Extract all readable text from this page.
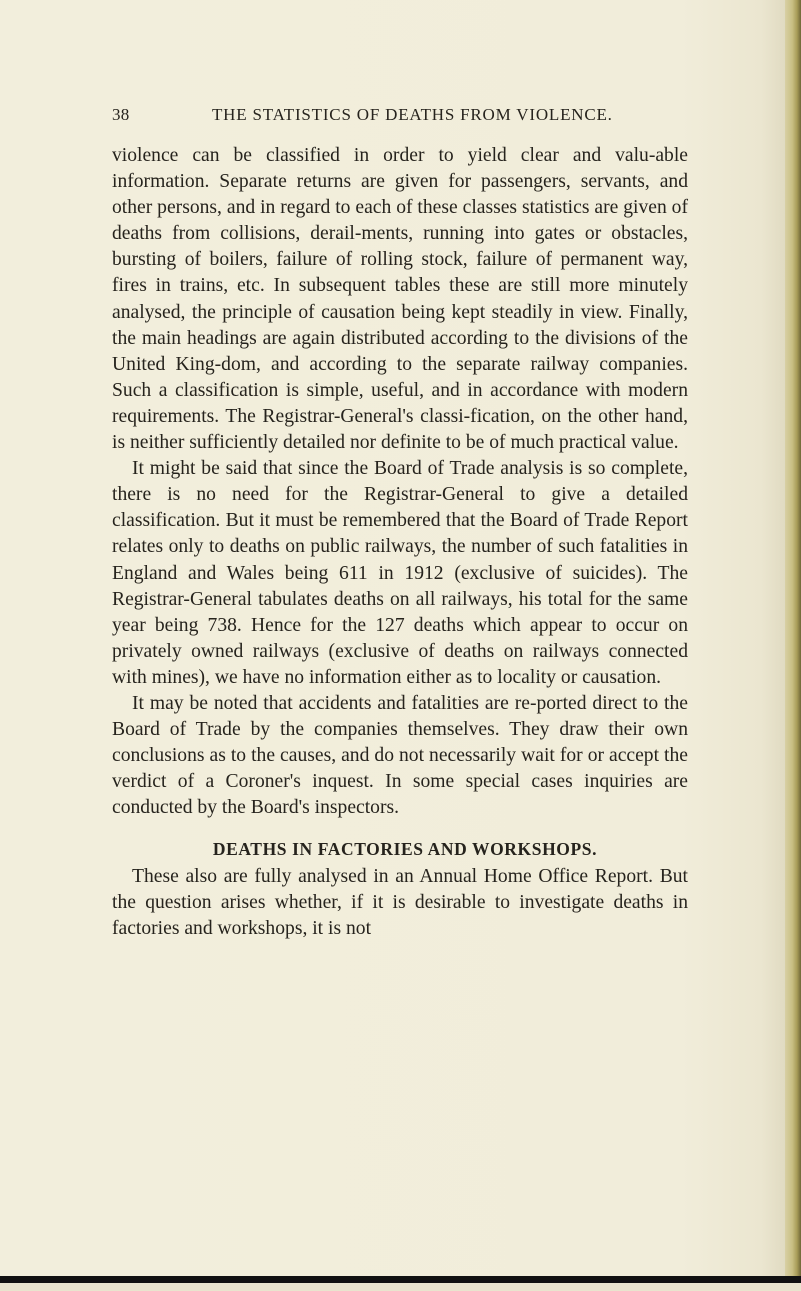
38	THE STATISTICS OF DEATHS FROM VIOLENCE.

violence can be classified in order to yield clear and valu-able information. Separate returns are given for passengers, servants, and other persons, and in regard to each of these classes statistics are given of deaths from collisions, derail-ments, running into gates or obstacles, bursting of boilers, failure of rolling stock, failure of permanent way, fires in trains, etc. In subsequent tables these are still more minutely analysed, the principle of causation being kept steadily in view. Finally, the main headings are again distributed according to the divisions of the United King-dom, and according to the separate railway companies. Such a classification is simple, useful, and in accordance with modern requirements. The Registrar-General's classi-fication, on the other hand, is neither sufficiently detailed nor definite to be of much practical value.

It might be said that since the Board of Trade analysis is so complete, there is no need for the Registrar-General to give a detailed classification. But it must be remembered that the Board of Trade Report relates only to deaths on public railways, the number of such fatalities in England and Wales being 611 in 1912 (exclusive of suicides). The Registrar-General tabulates deaths on all railways, his total for the same year being 738. Hence for the 127 deaths which appear to occur on privately owned railways (exclusive of deaths on railways connected with mines), we have no information either as to locality or causation.

It may be noted that accidents and fatalities are re-ported direct to the Board of Trade by the companies themselves. They draw their own conclusions as to the causes, and do not necessarily wait for or accept the verdict of a Coroner's inquest. In some special cases inquiries are conducted by the Board's inspectors.

DEATHS IN FACTORIES AND WORKSHOPS.

These also are fully analysed in an Annual Home Office Report. But the question arises whether, if it is desirable to investigate deaths in factories and workshops, it is not
